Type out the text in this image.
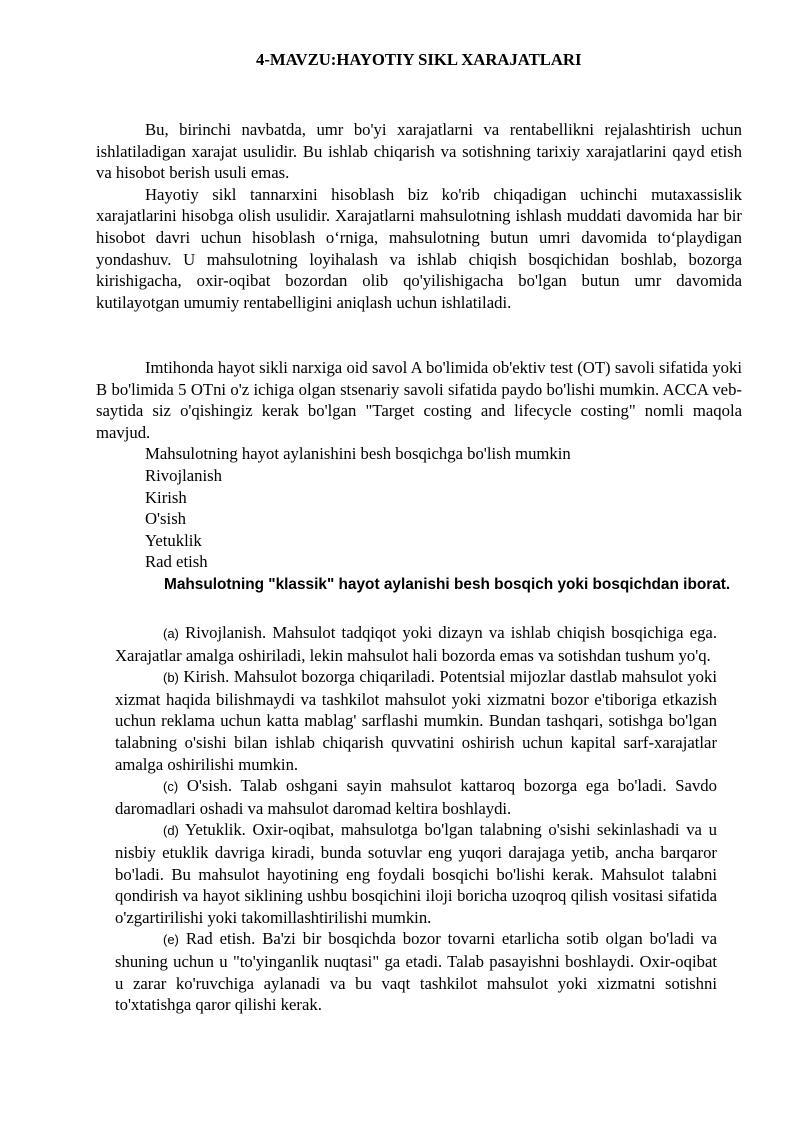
4-MAVZU:HAYOTIY SIKL XARAJATLARI

Bu, birinchi navbatda, umr bo'yi xarajatlarni va rentabellikni rejalashtirish uchun ishlatiladigan xarajat usulidir. Bu ishlab chiqarish va sotishning tarixiy xarajatlarini qayd etish va hisobot berish usuli emas.

Hayotiy sikl tannarxini hisoblash biz ko'rib chiqadigan uchinchi mutaxassislik xarajatlarini hisobga olish usulidir. Xarajatlarni mahsulotning ishlash muddati davomida har bir hisobot davri uchun hisoblash o‘rniga, mahsulotning butun umri davomida to‘playdigan yondashuv. U mahsulotning loyihalash va ishlab chiqish bosqichidan boshlab, bozorga kirishigacha, oxir-oqibat bozordan olib qo'yilishigacha bo'lgan butun umr davomida kutilayotgan umumiy rentabelligini aniqlash uchun ishlatiladi.

Imtihonda hayot sikli narxiga oid savol A bo'limida ob'ektiv test (OT) savoli sifatida yoki B bo'limida 5 OTni o'z ichiga olgan stsenariy savoli sifatida paydo bo'lishi mumkin. ACCA veb-saytida siz o'qishingiz kerak bo'lgan "Target costing and lifecycle costing" nomli maqola mavjud.

Mahsulotning hayot aylanishini besh bosqichga bo'lish mumkin

Rivojlanish

Kirish

O'sish

Yetuklik

Rad etish

Mahsulotning "klassik" hayot aylanishi besh bosqich yoki bosqichdan iborat.

(a) Rivojlanish. Mahsulot tadqiqot yoki dizayn va ishlab chiqish bosqichiga ega. Xarajatlar amalga oshiriladi, lekin mahsulot hali bozorda emas va sotishdan tushum yo'q.

(b) Kirish. Mahsulot bozorga chiqariladi. Potentsial mijozlar dastlab mahsulot yoki xizmat haqida bilishmaydi va tashkilot mahsulot yoki xizmatni bozor e'tiboriga etkazish uchun reklama uchun katta mablag' sarflashi mumkin. Bundan tashqari, sotishga bo'lgan talabning o'sishi bilan ishlab chiqarish quvvatini oshirish uchun kapital sarf-xarajatlar amalga oshirilishi mumkin.

(c) O'sish. Talab oshgani sayin mahsulot kattaroq bozorga ega bo'ladi. Savdo daromadlari oshadi va mahsulot daromad keltira boshlaydi.

(d) Yetuklik. Oxir-oqibat, mahsulotga bo'lgan talabning o'sishi sekinlashadi va u nisbiy etuklik davriga kiradi, bunda sotuvlar eng yuqori darajaga yetib, ancha barqaror bo'ladi. Bu mahsulot hayotining eng foydali bosqichi bo'lishi kerak. Mahsulot talabni qondirish va hayot siklining ushbu bosqichini iloji boricha uzoqroq qilish vositasi sifatida o'zgartirilishi yoki takomillashtirilishi mumkin.

(e) Rad etish. Ba'zi bir bosqichda bozor tovarni etarlicha sotib olgan bo'ladi va shuning uchun u "to'yinganlik nuqtasi" ga etadi. Talab pasayishni boshlaydi. Oxir-oqibat u zarar ko'ruvchiga aylanadi va bu vaqt tashkilot mahsulot yoki xizmatni sotishni to'xtatishga qaror qilishi kerak.
